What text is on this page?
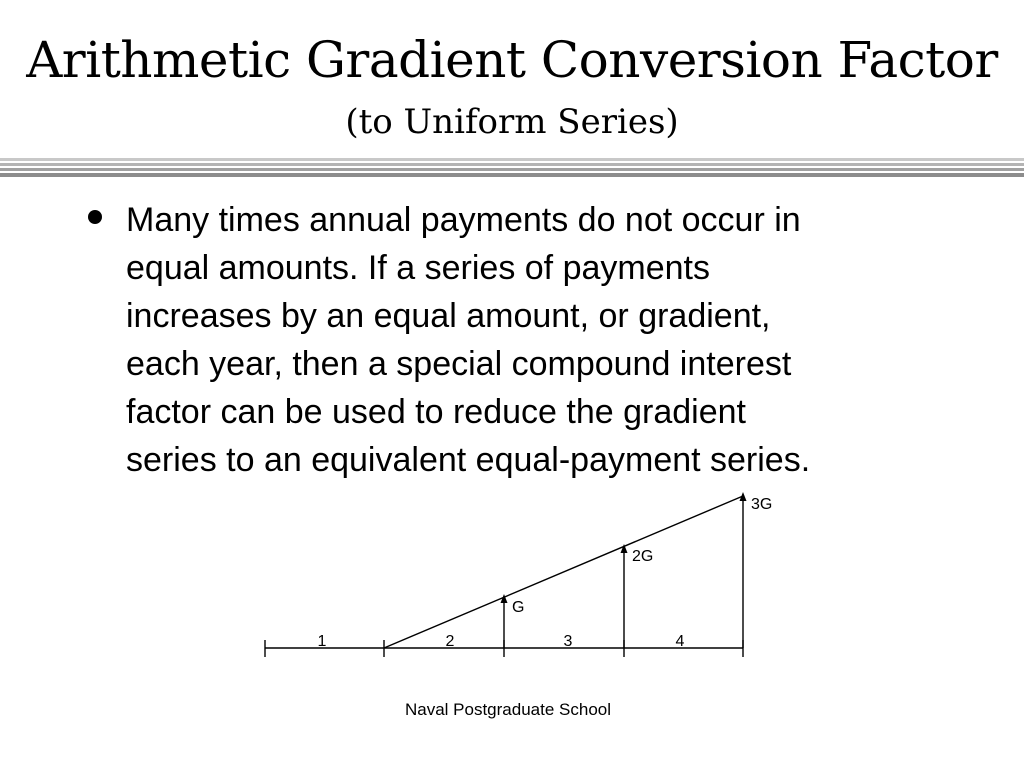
Arithmetic Gradient Conversion Factor
(to Uniform Series)

Many times annual payments do not occur in
equal amounts. If a series of payments
increases by an equal amount, or gradient,
each year, then a special compound interest
factor can be used to reduce the gradient
series to an equivalent equal-payment series.

1	2	3	4
G
2G
3G

Naval Postgraduate School
